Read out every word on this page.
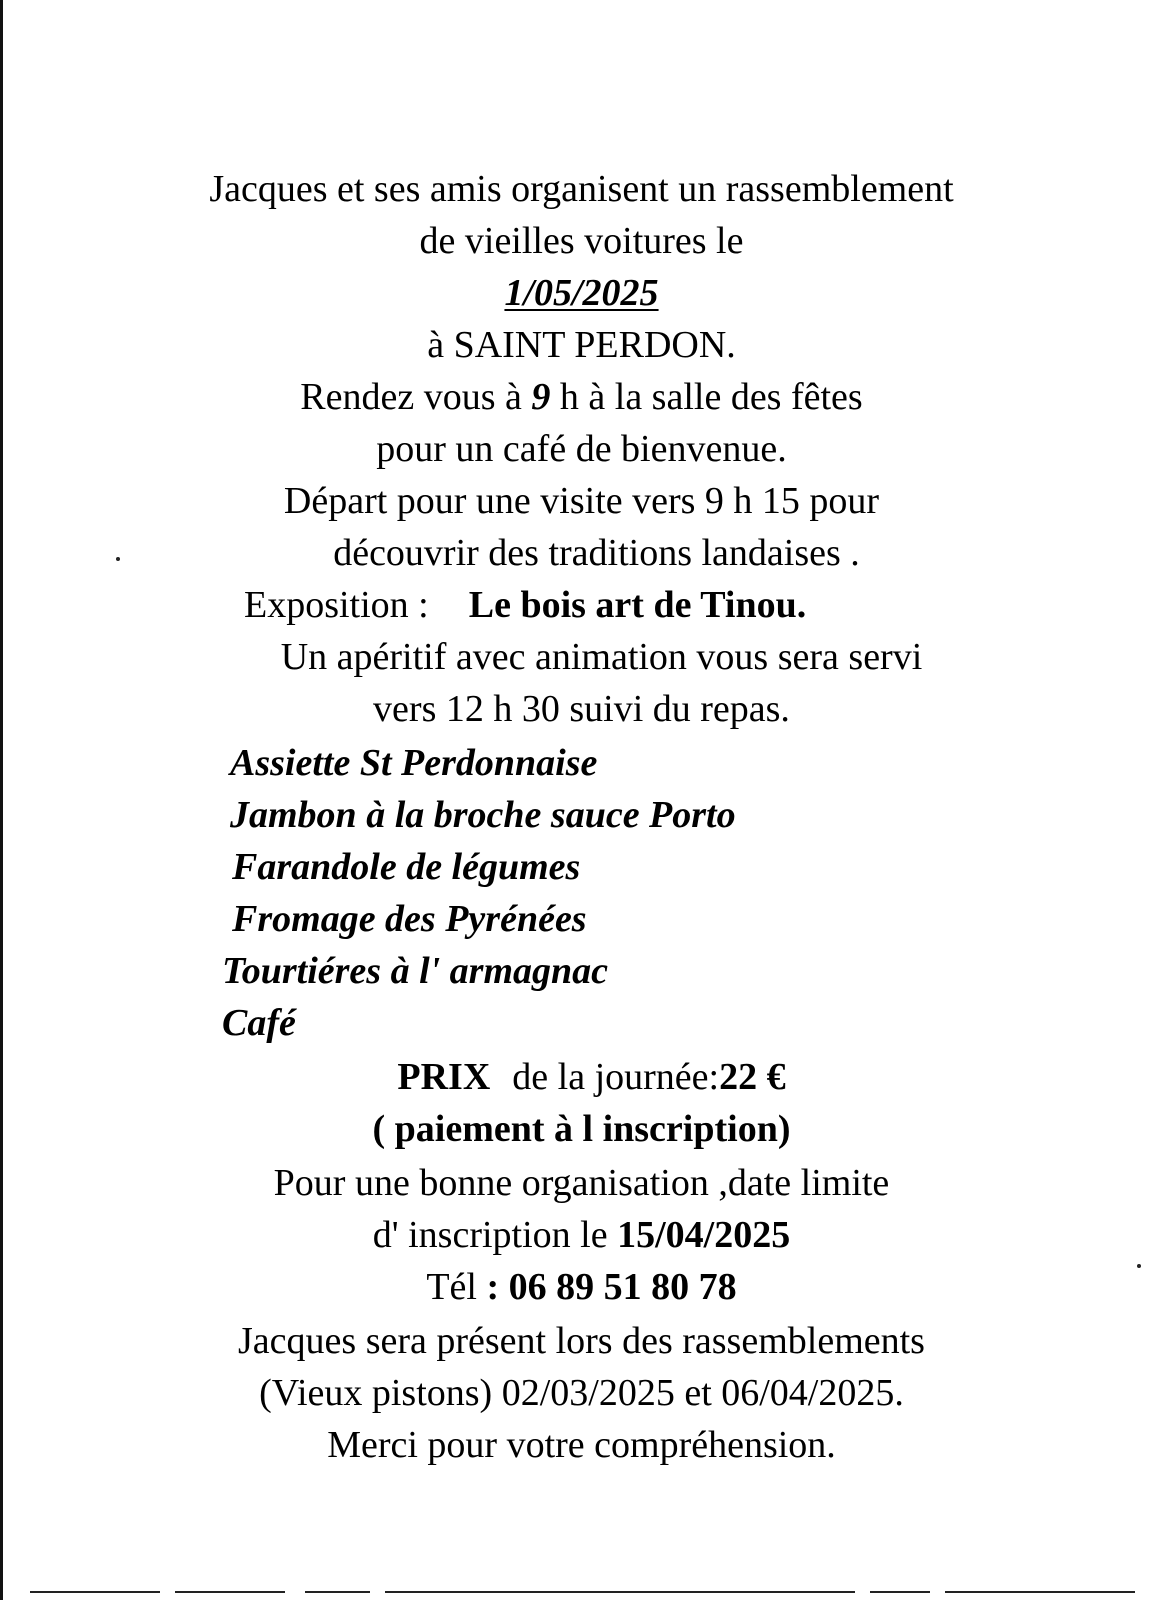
Jacques et ses amis organisent un rassemblement
de vieilles voitures le
1/05/2025
à SAINT PERDON.
Rendez vous à 9 h à la salle des fêtes
pour un café de bienvenue.
Départ pour une visite vers 9 h 15 pour
découvrir des traditions landaises .
Exposition : Le bois art de Tinou.
Un apéritif avec animation vous sera servi
vers 12 h 30 suivi du repas.
Assiette St Perdonnaise
Jambon à la broche sauce Porto
Farandole de légumes
Fromage des Pyrénées
Tourtiéres à l' armagnac
Café
PRIX de la journée:22 €
( paiement à l inscription)
Pour une bonne organisation ,date limite
d' inscription le 15/04/2025
Tél : 06 89 51 80 78
Jacques sera présent lors des rassemblements
(Vieux pistons) 02/03/2025 et 06/04/2025.
Merci pour votre compréhension.
